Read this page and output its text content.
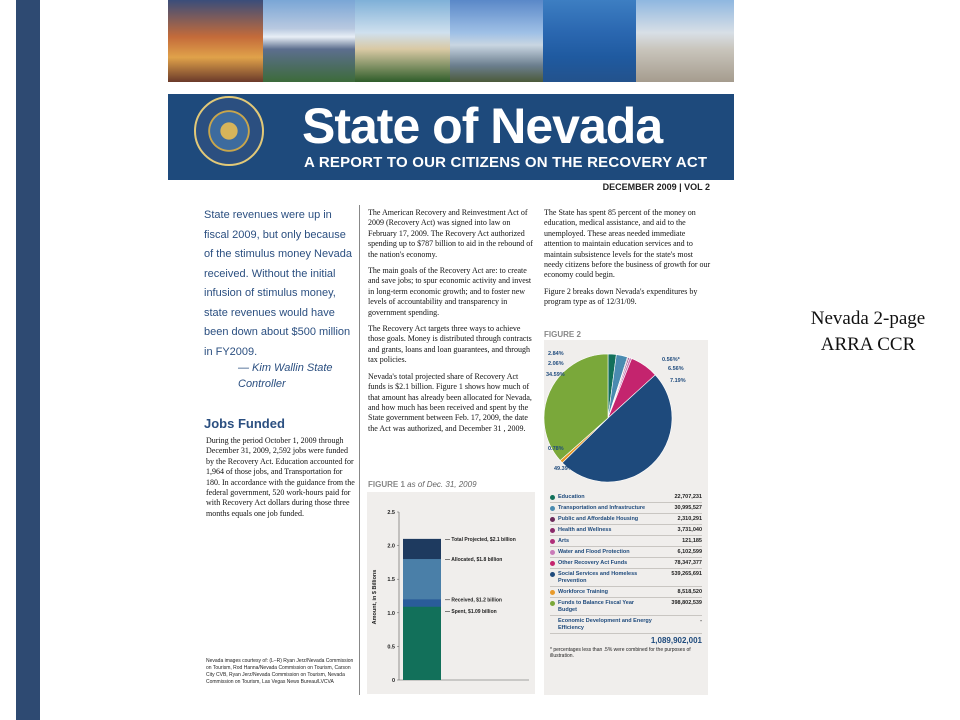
State of Nevada
A REPORT TO OUR CITIZENS ON THE RECOVERY ACT
DECEMBER 2009 | VOL 2
State revenues were up in fiscal 2009, but only because of the stimulus money Nevada received. Without the initial infusion of stimulus money, state revenues would have been down about $500 million in FY2009.
— Kim Wallin State Controller
Jobs Funded
During the period October 1, 2009 through December 31, 2009, 2,592 jobs were funded by the Recovery Act. Education accounted for 1,964 of those jobs, and Transportation for 180. In accordance with the guidance from the federal government, 520 work-hours paid for with Recovery Act dollars during those three months equals one job funded.
Nevada images courtesy of: (L–R) Ryan Jerz/Nevada Commission on Tourism, Rod Hanna/Nevada Commission on Tourism, Carson City CVB, Ryan Jerz/Nevada Commission on Tourism, Nevada Commission on Tourism, Las Vegas News Bureau/LVCVA

The American Recovery and Reinvestment Act of 2009 (Recovery Act) was signed into law on February 17, 2009. The Recovery Act authorized spending up to $787 billion to aid in the rebound of the nation's economy.

The main goals of the Recovery Act are: to create and save jobs; to spur economic activity and invest in long-term economic growth; and to foster new levels of accountability and transparency in government spending.

The Recovery Act targets three ways to achieve those goals. Money is distributed through contracts and grants, loans and loan guarantees, and through tax policies.

Nevada's total projected share of Recovery Act funds is $2.1 billion. Figure 1 shows how much of that amount has already been allocated for Nevada, and how much has been received and spent by the State government between Feb. 17, 2009, the date the Act was authorized, and December 31 , 2009.

The State has spent 85 percent of the money on education, medical assistance, and aid to the unemployed. These areas needed immediate attention to maintain education services and to maintain subsistence levels for the state's most needy citizens before the business of growth for our economy could begin.

Figure 2 breaks down Nevada's expenditures by program type as of 12/31/09.

FIGURE 1 as of Dec. 31, 2009
0
0.5
1.0
1.5
2.0
2.5
Amount, in $ Billions
— Total Projected, $2.1 billion
— Allocated, $1.8 billion
— Received, $1.2 billion
— Spent, $1.09 billion
FIGURE 2
2.84%
2.06%
34.59%
0.56%*
6.56%
7.19%
0.78%
49.39%
Education	22,707,231
Transportation and Infrastructure	30,995,527
Public and Affordable Housing	2,310,291
Health and Wellness	3,731,040
Arts	121,185
Water and Flood Protection	6,102,599
Other Recovery Act Funds	78,347,377
Social Services and Homeless Prevention
539,265,691
Workforce Training	8,518,520
Funds to Balance Fiscal Year Budget
398,802,539
Economic Development and Energy Efficiency
-
1,089,902,001
* percentages less than .5% were combined for the purposes of illustration.
Nevada 2-page ARRA CCR
